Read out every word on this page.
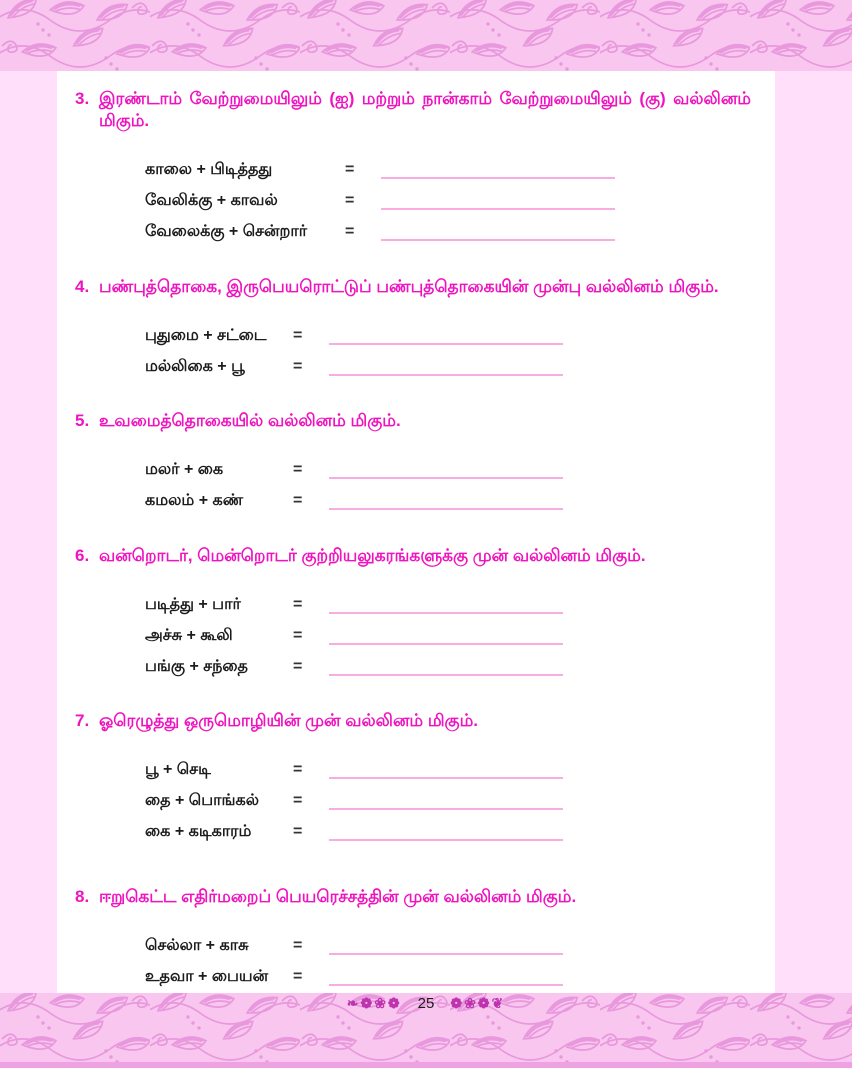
3. இரண்டாம் வேற்றுமையிலும் (ஐ) மற்றும் நான்காம் வேற்றுமையிலும் (கு) வல்லினம் மிகும்.
காலை + பிடித்தது	=
வேலிக்கு + காவல்	=
வேலைக்கு + சென்றார்	=
4. பண்புத்தொகை, இருபெயரொட்டுப் பண்புத்தொகையின் முன்பு வல்லினம் மிகும்.
புதுமை + சட்டை	=
மல்லிகை + பூ	=
5. உவமைத்தொகையில் வல்லினம் மிகும்.
மலர் + கை	=
கமலம் + கண்	=
6. வன்றொடர், மென்றொடர் குற்றியலுகரங்களுக்கு முன் வல்லினம் மிகும்.
படித்து + பார்	=
அச்சு + கூலி	=
பங்கு + சந்தை	=
7. ஓரெழுத்து ஒருமொழியின் முன் வல்லினம் மிகும்.
பூ + செடி	=
தை + பொங்கல்	=
கை + கடிகாரம்	=
8. ஈறுகெட்ட எதிர்மறைப் பெயரெச்சத்தின் முன் வல்லினம் மிகும்.
செல்லா + காசு	=
உதவா + பையன்	=
❧❁❀❁ 25 ❁❀❁❦
